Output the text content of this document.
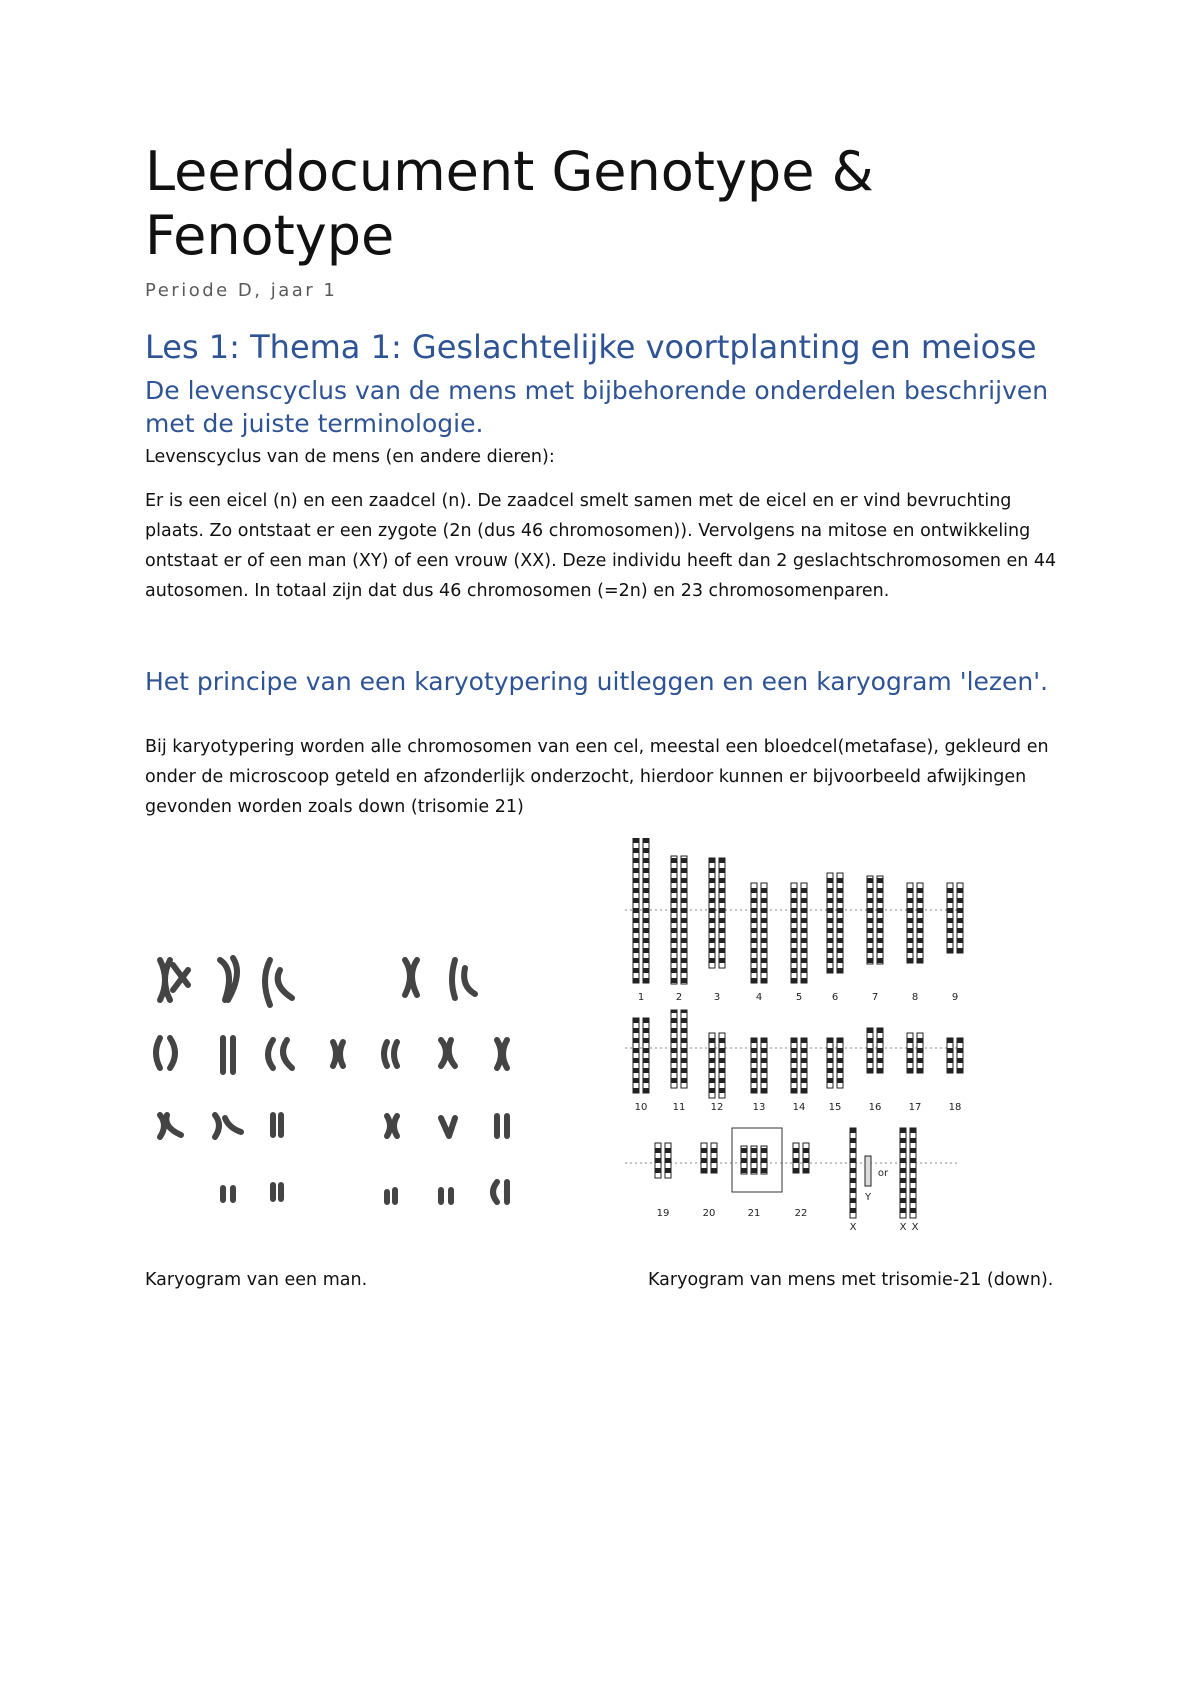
Leerdocument Genotype & Fenotype
Periode D, jaar 1
Les 1: Thema 1: Geslachtelijke voortplanting en meiose
De levenscyclus van de mens met bijbehorende onderdelen beschrijven met de juiste terminologie.

Levenscyclus van de mens (en andere dieren):

Er is een eicel (n) en een zaadcel (n). De zaadcel smelt samen met de eicel en er vind bevruchting plaats. Zo ontstaat er een zygote (2n (dus 46 chromosomen)). Vervolgens na mitose en ontwikkeling ontstaat er of een man (XY) of een vrouw (XX). Deze individu heeft dan 2 geslachtschromosomen en 44 autosomen. In totaal zijn dat dus 46 chromosomen (=2n) en 23 chromosomenparen.

Het principe van een karyotypering uitleggen en een karyogram 'lezen'.

Bij karyotypering worden alle chromosomen van een cel, meestal een bloedcel(metafase), gekleurd en onder de microscoop geteld en afzonderlijk onderzocht, hierdoor kunnen er bijvoorbeeld afwijkingen gevonden worden zoals down (trisomie 21)

1	2	3	4	5	6	7	8	9
10	11	12	13	14 15	16	17	18
19	20	21	22
X	X X
Y
or

Karyogram van een man.	Karyogram van mens met trisomie-21 (down).
